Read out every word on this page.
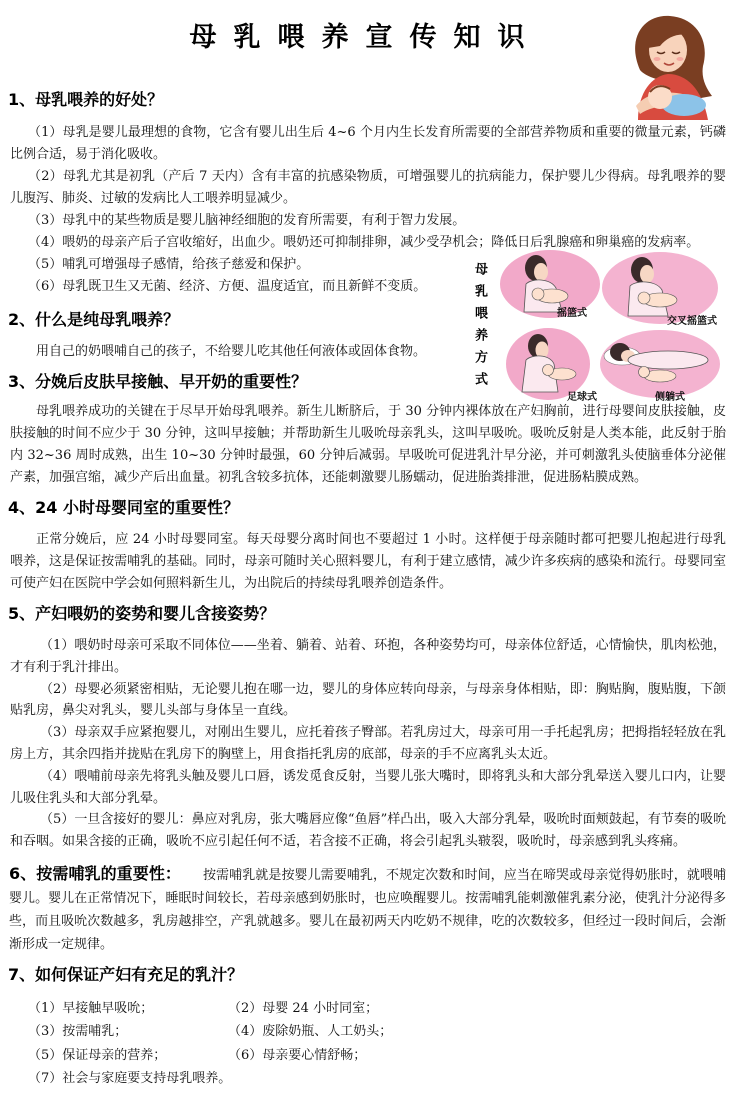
母乳喂养宣传知识
1、母乳喂养的好处？
（1）母乳是婴儿最理想的食物，它含有婴儿出生后 4~6 个月内生长发育所需要的全部营养物质和重要的微量元素，钙磷比例合适，易于消化吸收。
（2）母乳尤其是初乳（产后 7 天内）含有丰富的抗感染物质，可增强婴儿的抗病能力，保护婴儿少得病。母乳喂养的婴儿腹泻、肺炎、过敏的发病比人工喂养明显减少。
（3）母乳中的某些物质是婴儿脑神经细胞的发育所需要，有利于智力发展。
（4）喂奶的母亲产后子宫收缩好，出血少。喂奶还可抑制排卵，减少受孕机会；降低日后乳腺癌和卵巢癌的发病率。
（5）哺乳可增强母子感情，给孩子慈爱和保护。
（6）母乳既卫生又无菌、经济、方便、温度适宜，而且新鲜不变质。	母乳喂养方式	摇篮式
交叉摇篮式
足球式	侧躺式
2、什么是纯母乳喂养？
用自己的奶喂哺自己的孩子，不给婴儿吃其他任何液体或固体食物。
3、分娩后皮肤早接触、早开奶的重要性？
母乳喂养成功的关键在于尽早开始母乳喂养。新生儿断脐后，于 30 分钟内裸体放在产妇胸前，进行母婴间皮肤接触，皮肤接触的时间不应少于 30 分钟，这叫早接触；并帮助新生儿吸吮母亲乳头，这叫早吸吮。吸吮反射是人类本能，此反射于胎内 32~36 周时成熟，出生 10~30 分钟时最强，60 分钟后减弱。早吸吮可促进乳汁早分泌，并可刺激乳头使脑垂体分泌催产素，加强宫缩，减少产后出血量。初乳含较多抗体，还能刺激婴儿肠蠕动，促进胎粪排泄，促进肠粘膜成熟。
4、24 小时母婴同室的重要性？
正常分娩后，应 24 小时母婴同室。每天母婴分离时间也不要超过 1 小时。这样便于母亲随时都可把婴儿抱起进行母乳喂养，这是保证按需哺乳的基础。同时，母亲可随时关心照料婴儿，有利于建立感情，减少许多疾病的感染和流行。母婴同室可使产妇在医院中学会如何照料新生儿，为出院后的持续母乳喂养创造条件。
5、产妇喂奶的姿势和婴儿含接姿势？
（1）喂奶时母亲可采取不同体位——坐着、躺着、站着、环抱，各种姿势均可，母亲体位舒适，心情愉快，肌肉松弛，才有利于乳汁排出。
（2）母婴必须紧密相贴，无论婴儿抱在哪一边，婴儿的身体应转向母亲，与母亲身体相贴，即：胸贴胸，腹贴腹，下颌贴乳房，鼻尖对乳头，婴儿头部与身体呈一直线。
（3）母亲双手应紧抱婴儿，对刚出生婴儿，应托着孩子臀部。若乳房过大，母亲可用一手托起乳房；把拇指轻轻放在乳房上方，其余四指并拢贴在乳房下的胸壁上，用食指托乳房的底部，母亲的手不应离乳头太近。
（4）喂哺前母亲先将乳头触及婴儿口唇，诱发觅食反射，当婴儿张大嘴时，即将乳头和大部分乳晕送入婴儿口内，让婴儿吸住乳头和大部分乳晕。
（5）一旦含接好的婴儿：鼻应对乳房，张大嘴唇应像“鱼唇”样凸出，吸入大部分乳晕，吸吮时面颊鼓起，有节奏的吸吮和吞咽。如果含接的正确，吸吮不应引起任何不适，若含接不正确，将会引起乳头皲裂，吸吮时，母亲感到乳头疼痛。
6、按需哺乳的重要性： 按需哺乳就是按婴儿需要哺乳，不规定次数和时间，应当在啼哭或母亲觉得奶胀时，就喂哺婴儿。婴儿在正常情况下，睡眠时间较长，若母亲感到奶胀时，也应唤醒婴儿。按需哺乳能刺激催乳素分泌，使乳汁分泌得多些，而且吸吮次数越多，乳房越排空，产乳就越多。婴儿在最初两天内吃奶不规律，吃的次数较多，但经过一段时间后，会渐渐形成一定规律。
7、如何保证产妇有充足的乳汁？
（1）早接触早吸吮；	（2）母婴 24 小时同室；
（3）按需哺乳；	（4）废除奶瓶、人工奶头；
（5）保证母亲的营养；	（6）母亲要心情舒畅；
（7）社会与家庭要支持母乳喂养。
